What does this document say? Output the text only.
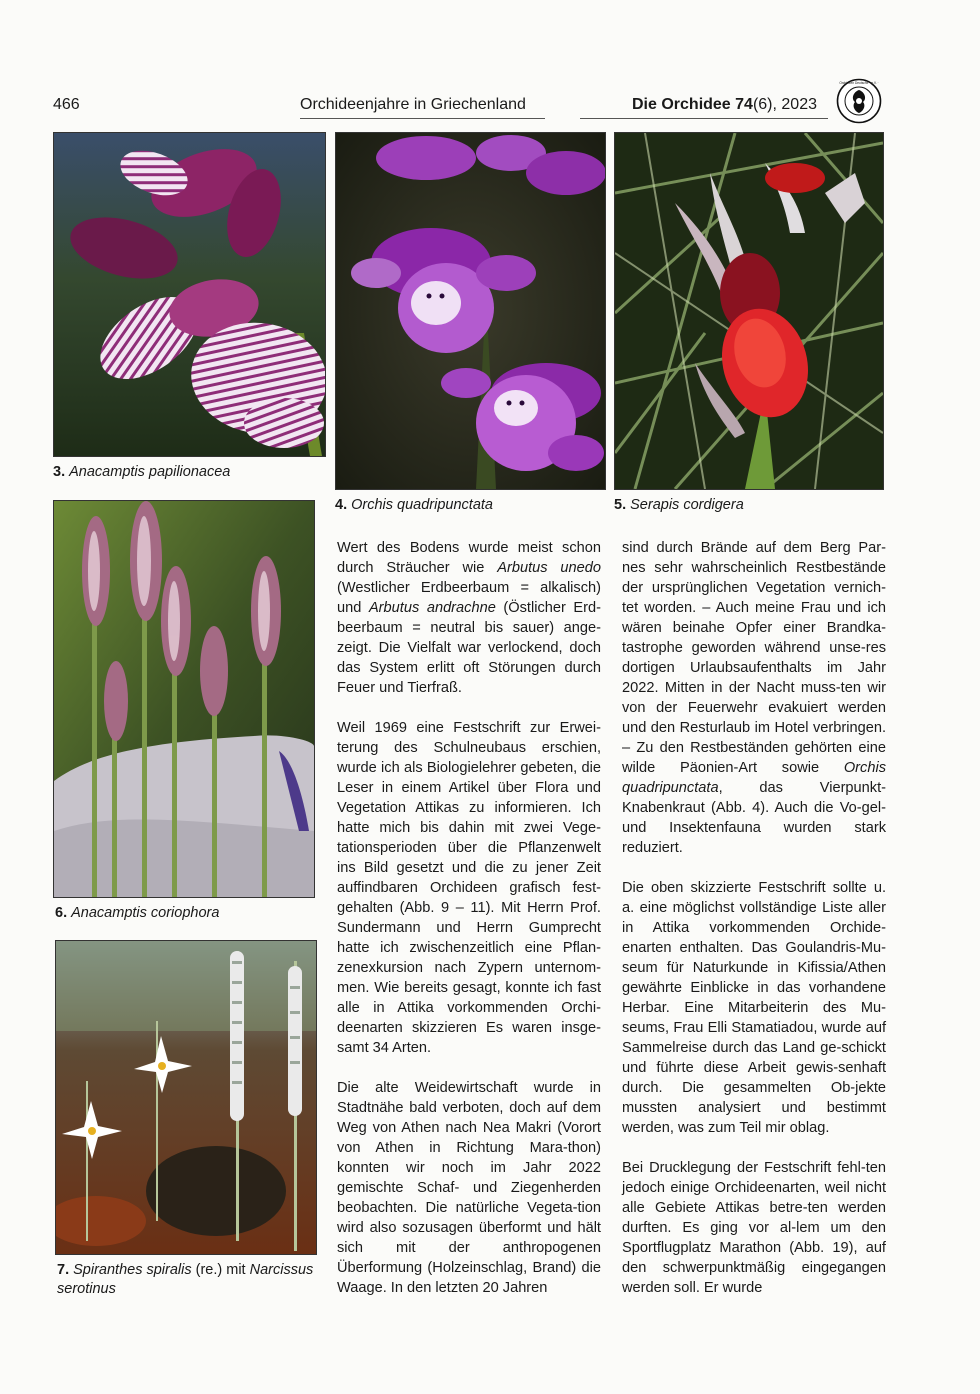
466	Orchideenjahre in Griechenland	Die Orchidee 74(6), 2023
Orchideen Deutsche · e.V. ·
3. Anacamptis papilionacea
4. Orchis quadripunctata	5. Serapis cordigera
6. Anacamptis coriophora
7. Spiranthes spiralis (re.) mit Narcissus serotinus

Wert des Bodens wurde meist schon durch Sträucher wie Arbutus unedo (Westlicher Erdbeerbaum = alkalisch) und Arbutus andrachne (Östlicher Erd-beerbaum = neutral bis sauer) ange-zeigt. Die Vielfalt war verlockend, doch das System erlitt oft Störungen durch Feuer und Tierfraß.

Weil 1969 eine Festschrift zur Erwei-terung des Schulneubaus erschien, wurde ich als Biologielehrer gebeten, die Leser in einem Artikel über Flora und Vegetation Attikas zu informieren. Ich hatte mich bis dahin mit zwei Vege-tationsperioden über die Pflanzenwelt ins Bild gesetzt und die zu jener Zeit auffindbaren Orchideen grafisch fest-gehalten (Abb. 9 – 11). Mit Herrn Prof. Sundermann und Herrn Gumprecht hatte ich zwischenzeitlich eine Pflan-zenexkursion nach Zypern unternom-men. Wie bereits gesagt, konnte ich fast alle in Attika vorkommenden Orchi-deenarten skizzieren Es waren insge-samt 34 Arten.

Die alte Weidewirtschaft wurde in Stadtnähe bald verboten, doch auf dem Weg von Athen nach Nea Makri (Vorort von Athen in Richtung Mara-thon) konnten wir noch im Jahr 2022 gemischte Schaf- und Ziegenherden beobachten. Die natürliche Vegeta-tion wird also sozusagen überformt und hält sich mit der anthropogenen Überformung (Holzeinschlag, Brand) die Waage. In den letzten 20 Jahren

sind durch Brände auf dem Berg Par-nes sehr wahrscheinlich Restbestände der ursprünglichen Vegetation vernich-tet worden. – Auch meine Frau und ich wären beinahe Opfer einer Brandka-tastrophe geworden während unse-res dortigen Urlaubsaufenthalts im Jahr 2022. Mitten in der Nacht muss-ten wir von der Feuerwehr evakuiert werden und den Resturlaub im Hotel verbringen. – Zu den Restbeständen gehörten eine wilde Päonien-Art sowie Orchis quadripunctata, das Vierpunkt-Knabenkraut (Abb. 4). Auch die Vo-gel- und Insektenfauna wurden stark reduziert.

Die oben skizzierte Festschrift sollte u. a. eine möglichst vollständige Liste aller in Attika vorkommenden Orchide-enarten enthalten. Das Goulandris-Mu-seum für Naturkunde in Kifissia/Athen gewährte Einblicke in das vorhandene Herbar. Eine Mitarbeiterin des Mu-seums, Frau Elli Stamatiadou, wurde auf Sammelreise durch das Land ge-schickt und führte diese Arbeit gewis-senhaft durch. Die gesammelten Ob-jekte mussten analysiert und bestimmt werden, was zum Teil mir oblag.

Bei Drucklegung der Festschrift fehl-ten jedoch einige Orchideenarten, weil nicht alle Gebiete Attikas betre-ten werden durften. Es ging vor al-lem um den Sportflugplatz Marathon (Abb. 19), auf den schwerpunktmäßig eingegangen werden soll. Er wurde
